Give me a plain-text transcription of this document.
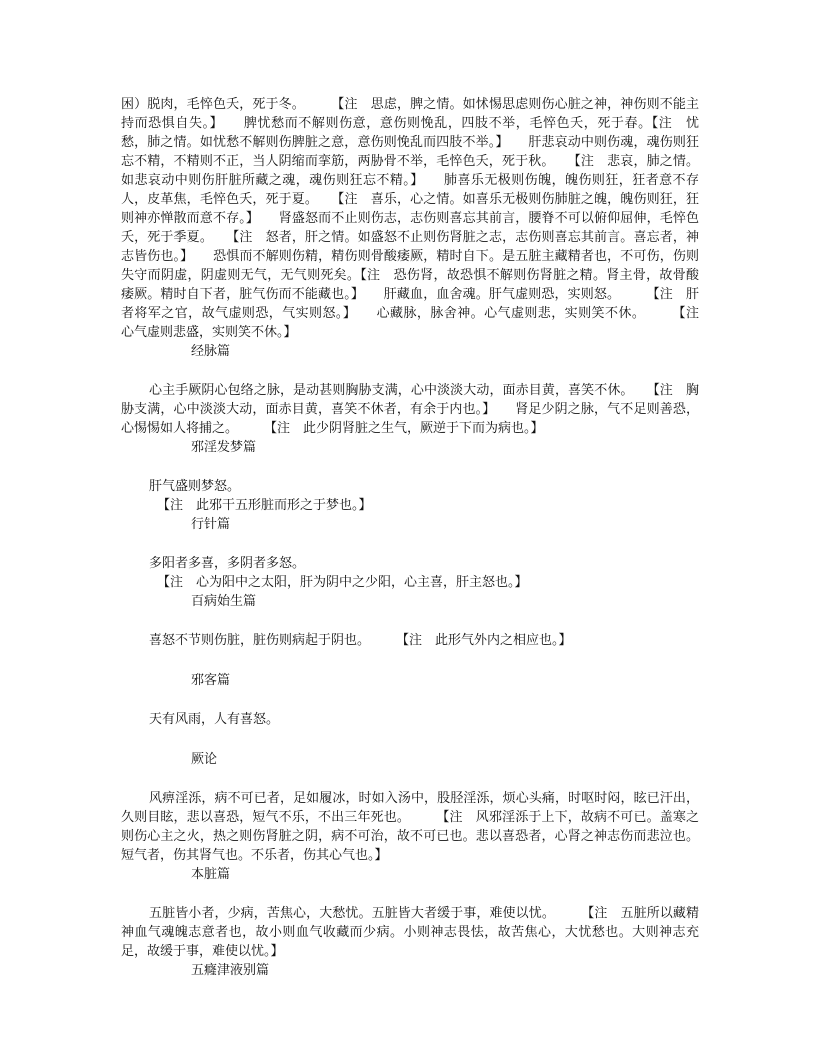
困）脱肉，毛悴色夭，死于冬。　　　【注　思虑，脾之情。如怵惕思虑则伤心脏之神，神伤则不能主持而恐惧自失。】　　脾忧愁而不解则伤意，意伤则悗乱，四肢不举，毛悴色夭，死于春。【注　忧愁，肺之情。如忧愁不解则伤脾脏之意，意伤则悗乱而四肢不举。】　　肝悲哀动中则伤魂，魂伤则狂忘不精，不精则不正，当人阴缩而挛筋，两胁骨不举，毛悴色夭，死于秋。　　【注　悲哀，肺之情。如悲哀动中则伤肝脏所藏之魂，魂伤则狂忘不精。】　　肺喜乐无极则伤魄，魄伤则狂，狂者意不存人，皮革焦，毛悴色夭，死于夏。　　【注　喜乐，心之情。如喜乐无极则伤肺脏之魄，魄伤则狂，狂则神亦惮散而意不存。】　　肾盛怒而不止则伤志，志伤则喜忘其前言，腰脊不可以俯仰屈伸，毛悴色夭，死于季夏。　　【注　怒者，肝之情。如盛怒不止则伤肾脏之志，志伤则喜忘其前言。喜忘者，神志皆伤也。】　　恐惧而不解则伤精，精伤则骨酸痿厥，精时自下。是五脏主藏精者也，不可伤，伤则失守而阴虚，阴虚则无气，无气则死矣。【注　恐伤肾，故恐惧不解则伤肾脏之精。肾主骨，故骨酸痿厥。精时自下者，脏气伤而不能藏也。】　　肝藏血，血舍魂。肝气虚则恐，实则怒。　　　【注　肝者将军之官，故气虚则恐，气实则怒。】　　心藏脉，脉舍神。心气虚则悲，实则笑不休。　　　【注　心气虚则悲盛，实则笑不休。】

经脉篇

心主手厥阴心包络之脉，是动甚则胸胁支满，心中淡淡大动，面赤目黄，喜笑不休。　　【注　胸胁支满，心中淡淡大动，面赤目黄，喜笑不休者，有余于内也。】　　肾足少阴之脉，气不足则善恐，心惕惕如人将捕之。　　　【注　此少阴肾脏之生气，厥逆于下而为病也。】

邪淫发梦篇

肝气盛则梦怒。

【注　此邪干五形脏而形之于梦也。】

行针篇

多阳者多喜，多阴者多怒。

【注　心为阳中之太阳，肝为阴中之少阳，心主喜，肝主怒也。】

百病始生篇

喜怒不节则伤脏，脏伤则病起于阴也。　　　【注　此形气外内之相应也。】

邪客篇

天有风雨，人有喜怒。

厥论

风痹淫泺，病不可已者，足如履冰，时如入汤中，股胫淫泺，烦心头痛，时呕时闷，眩已汗出，久则目眩，悲以喜恐，短气不乐，不出三年死也。　　　【注　风邪淫泺于上下，故病不可已。盖寒之则伤心主之火，热之则伤肾脏之阴，病不可治，故不可已也。悲以喜恐者，心肾之神志伤而悲泣也。短气者，伤其肾气也。不乐者，伤其心气也。】

本脏篇

五脏皆小者，少病，苦焦心，大愁忧。五脏皆大者缓于事，难使以忧。　　　【注　五脏所以藏精神血气魂魄志意者也，故小则血气收藏而少病。小则神志畏怯，故苦焦心，大忧愁也。大则神志充足，故缓于事，难使以忧。】

五癃津液别篇
